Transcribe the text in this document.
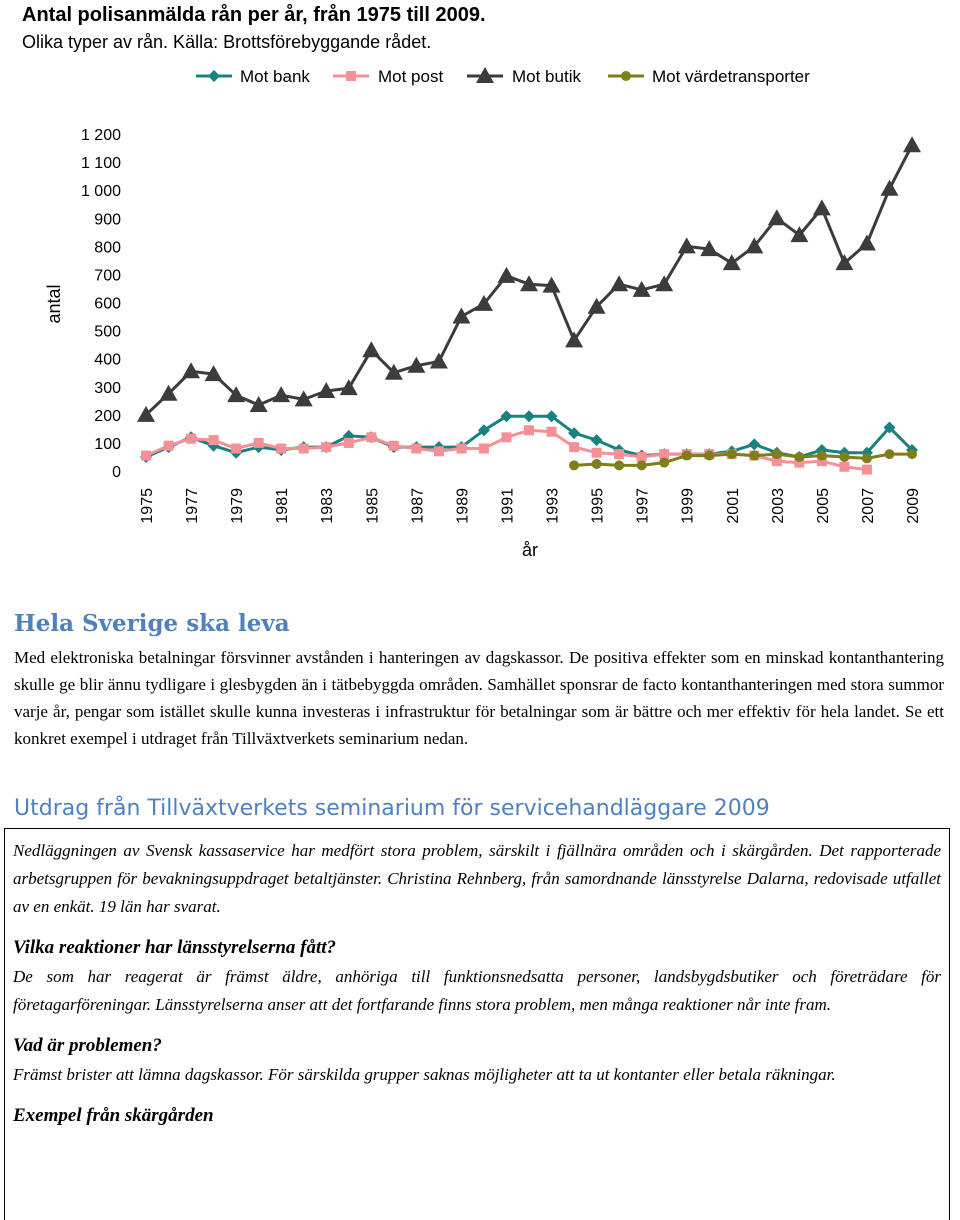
Antal polisanmälda rån per år, från 1975 till 2009.

Olika typer av rån. Källa: Brottsförebyggande rådet.
0
100
200
300
400
500
600
700
800
900
1 000
1 100
1 200
antal
1975 1977 1979 1981 1983 1985 1987 1989 1991 1993 1995 1997 1999 2001 2003 2005 2007 2009
år
Mot bank	Mot post	Mot butik	Mot värdetransporter
Hela Sverige ska leva

Med elektroniska betalningar försvinner avstånden i hanteringen av dagskassor. De positiva effekter som en minskad kontanthantering skulle ge blir ännu tydligare i glesbygden än i tätbebyggda områden. Samhället sponsrar de facto kontanthanteringen med stora summor varje år, pengar som istället skulle kunna investeras i infrastruktur för betalningar som är bättre och mer effektiv för hela landet. Se ett konkret exempel i utdraget från Tillväxtverkets seminarium nedan.

Utdrag från Tillväxtverkets seminarium för servicehandläggare 2009

Nedläggningen av Svensk kassaservice har medfört stora problem, särskilt i fjällnära områden och i skärgården. Det rapporterade arbetsgruppen för bevakningsuppdraget betaltjänster. Christina Rehnberg, från samordnande länsstyrelse Dalarna, redovisade utfallet av en enkät. 19 län har svarat.

Vilka reaktioner har länsstyrelserna fått?

De som har reagerat är främst äldre, anhöriga till funktionsnedsatta personer, landsbygdsbutiker och företrädare för företagarföreningar. Länsstyrelserna anser att det fortfarande finns stora problem, men många reaktioner når inte fram.

Vad är problemen?

Främst brister att lämna dagskassor. För särskilda grupper saknas möjligheter att ta ut kontanter eller betala räkningar.

Exempel från skärgården
